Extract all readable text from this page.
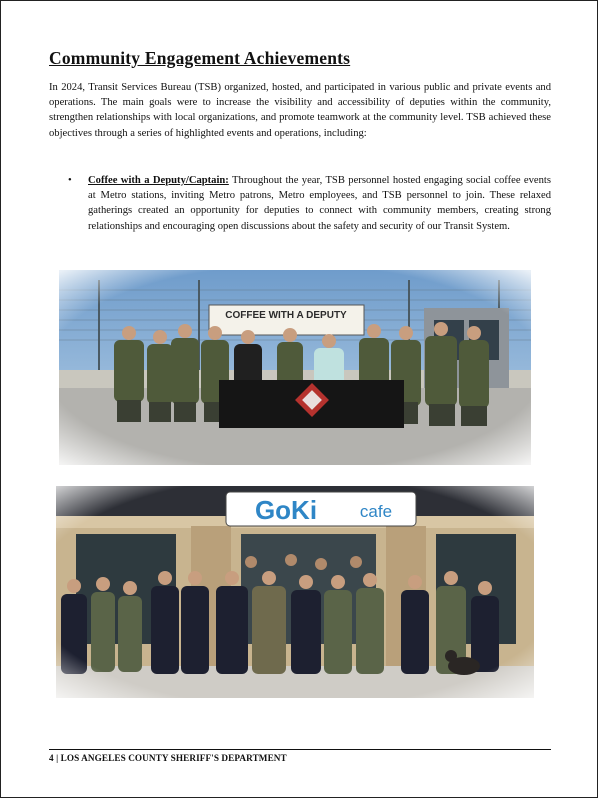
Community Engagement Achievements

In 2024, Transit Services Bureau (TSB) organized, hosted, and participated in various public and private events and operations. The main goals were to increase the visibility and accessibility of deputies within the community, strengthen relationships with local organizations, and promote teamwork at the community level. TSB achieved these objectives through a series of highlighted events and operations, including:

• Coffee with a Deputy/Captain: Throughout the year, TSB personnel hosted engaging social coffee events at Metro stations, inviting Metro patrons, Metro employees, and TSB personnel to join. These relaxed gatherings created an opportunity for deputies to connect with community members, creating strong relationships and encouraging open discussions about the safety and security of our Transit System.

4 | LOS ANGELES COUNTY SHERIFF'S DEPARTMENT
